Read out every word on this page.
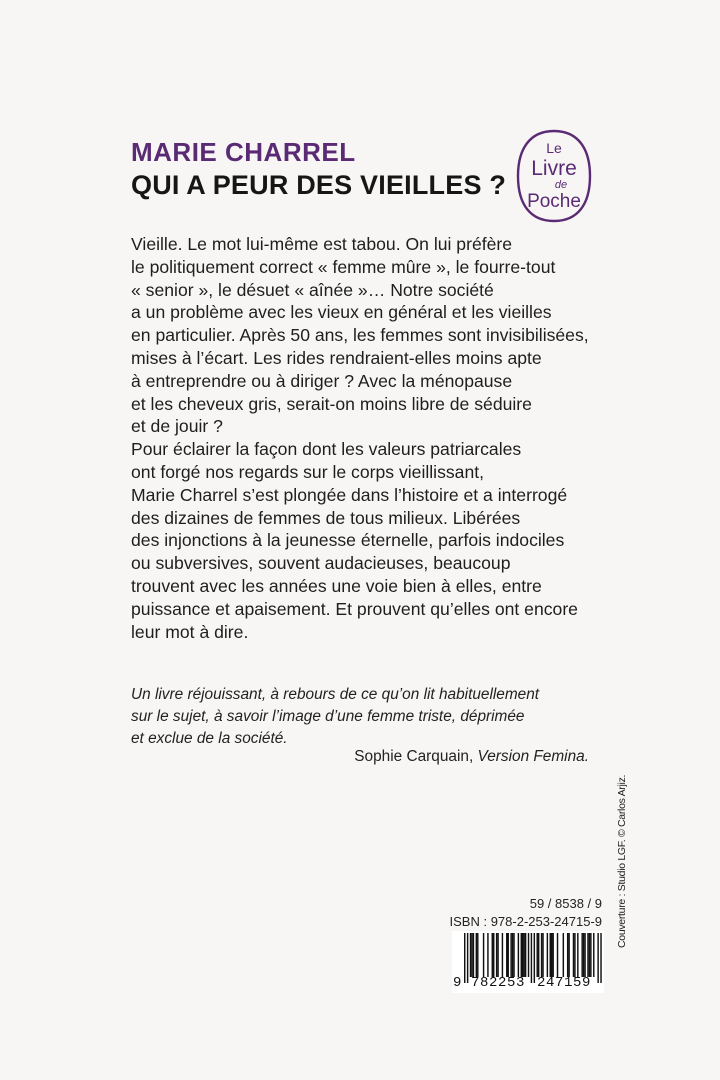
MARIE CHARREL
QUI A PEUR DES VIEILLES ?
Le
Livre
de
Poche
Vieille. Le mot lui-même est tabou. On lui préfère
le politiquement correct « femme mûre », le fourre-tout
« senior », le désuet « aînée »… Notre société
a un problème avec les vieux en général et les vieilles
en particulier. Après 50 ans, les femmes sont invisibilisées,
mises à l’écart. Les rides rendraient-elles moins apte
à entreprendre ou à diriger ? Avec la ménopause
et les cheveux gris, serait-on moins libre de séduire
et de jouir ?
Pour éclairer la façon dont les valeurs patriarcales
ont forgé nos regards sur le corps vieillissant,
Marie Charrel s’est plongée dans l’histoire et a interrogé
des dizaines de femmes de tous milieux. Libérées
des injonctions à la jeunesse éternelle, parfois indociles
ou subversives, souvent audacieuses, beaucoup
trouvent avec les années une voie bien à elles, entre
puissance et apaisement. Et prouvent qu’elles ont encore
leur mot à dire.
Un livre réjouissant, à rebours de ce qu’on lit habituellement
sur le sujet, à savoir l’image d’une femme triste, déprimée
et exclue de la société.
Sophie Carquain, Version Femina.
Couverture : Studio LGF. © Carlos Arjiz.
59 / 8538 / 9
ISBN : 978-2-253-24715-9
9 782253 247159
